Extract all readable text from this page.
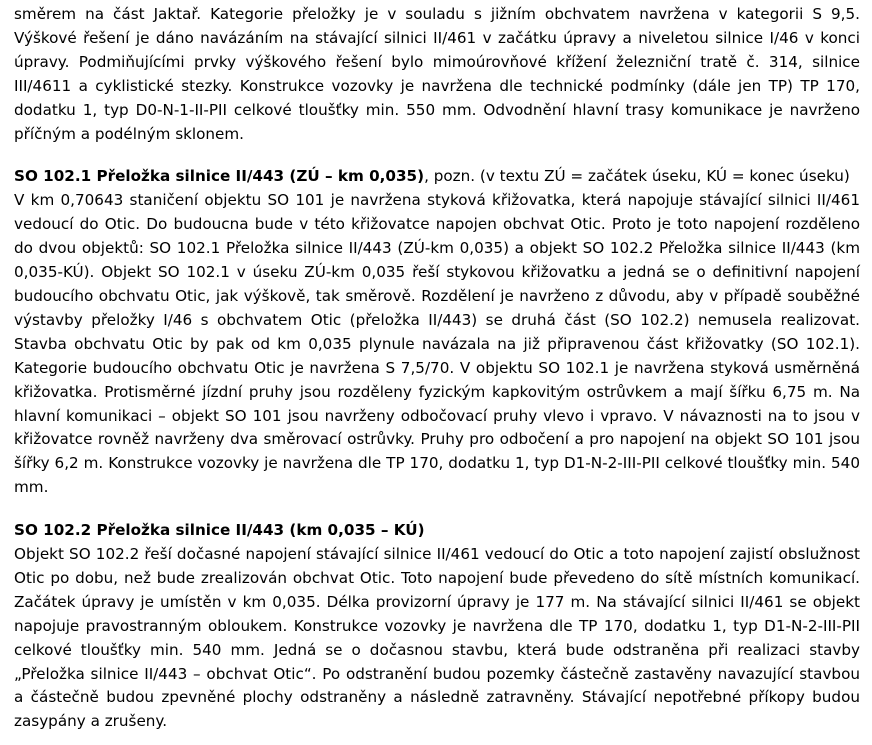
směrem na část Jaktař. Kategorie přeložky je v souladu s jižním obchvatem navržena v kategorii S 9,5. Výškové řešení je dáno navázáním na stávající silnici II/461 v začátku úpravy a niveletou silnice I/46 v konci úpravy. Podmiňujícími prvky výškového řešení bylo mimoúrovňové křížení železniční tratě č. 314, silnice III/4611 a cyklistické stezky. Konstrukce vozovky je navržena dle technické podmínky (dále jen TP) TP 170, dodatku 1, typ D0-N-1-II-PII celkové tloušťky min. 550 mm. Odvodnění hlavní trasy komunikace je navrženo příčným a podélným sklonem.

SO 102.1 Přeložka silnice II/443 (ZÚ – km 0,035), pozn. (v textu ZÚ = začátek úseku, KÚ = konec úseku)

V km 0,70643 staničení objektu SO 101 je navržena styková křižovatka, která napojuje stávající silnici II/461 vedoucí do Otic. Do budoucna bude v této křižovatce napojen obchvat Otic. Proto je toto napojení rozděleno do dvou objektů: SO 102.1 Přeložka silnice II/443 (ZÚ-km 0,035) a objekt SO 102.2 Přeložka silnice II/443 (km 0,035-KÚ). Objekt SO 102.1 v úseku ZÚ-km 0,035 řeší stykovou křižovatku a jedná se o definitivní napojení budoucího obchvatu Otic, jak výškově, tak směrově. Rozdělení je navrženo z důvodu, aby v případě souběžné výstavby přeložky I/46 s obchvatem Otic (přeložka II/443) se druhá část (SO 102.2) nemusela realizovat. Stavba obchvatu Otic by pak od km 0,035 plynule navázala na již připravenou část křižovatky (SO 102.1). Kategorie budoucího obchvatu Otic je navržena S 7,5/70. V objektu SO 102.1 je navržena styková usměrněná křižovatka. Protisměrné jízdní pruhy jsou rozděleny fyzickým kapkovitým ostrůvkem a mají šířku 6,75 m. Na hlavní komunikaci – objekt SO 101 jsou navrženy odbočovací pruhy vlevo i vpravo. V návaznosti na to jsou v křižovatce rovněž navrženy dva směrovací ostrůvky. Pruhy pro odbočení a pro napojení na objekt SO 101 jsou šířky 6,2 m. Konstrukce vozovky je navržena dle TP 170, dodatku 1, typ D1-N-2-III-PII celkové tloušťky min. 540 mm.

SO 102.2 Přeložka silnice II/443 (km 0,035 – KÚ)

Objekt SO 102.2 řeší dočasné napojení stávající silnice II/461 vedoucí do Otic a toto napojení zajistí obslužnost Otic po dobu, než bude zrealizován obchvat Otic. Toto napojení bude převedeno do sítě místních komunikací. Začátek úpravy je umístěn v km 0,035. Délka provizorní úpravy je 177 m. Na stávající silnici II/461 se objekt napojuje pravostranným obloukem. Konstrukce vozovky je navržena dle TP 170, dodatku 1, typ D1-N-2-III-PII celkové tloušťky min. 540 mm. Jedná se o dočasnou stavbu, která bude odstraněna při realizaci stavby „Přeložka silnice II/443 – obchvat Otic“. Po odstranění budou pozemky částečně zastavěny navazující stavbou a částečně budou zpevněné plochy odstraněny a následně zatravněny. Stávající nepotřebné příkopy budou zasypány a zrušeny.
